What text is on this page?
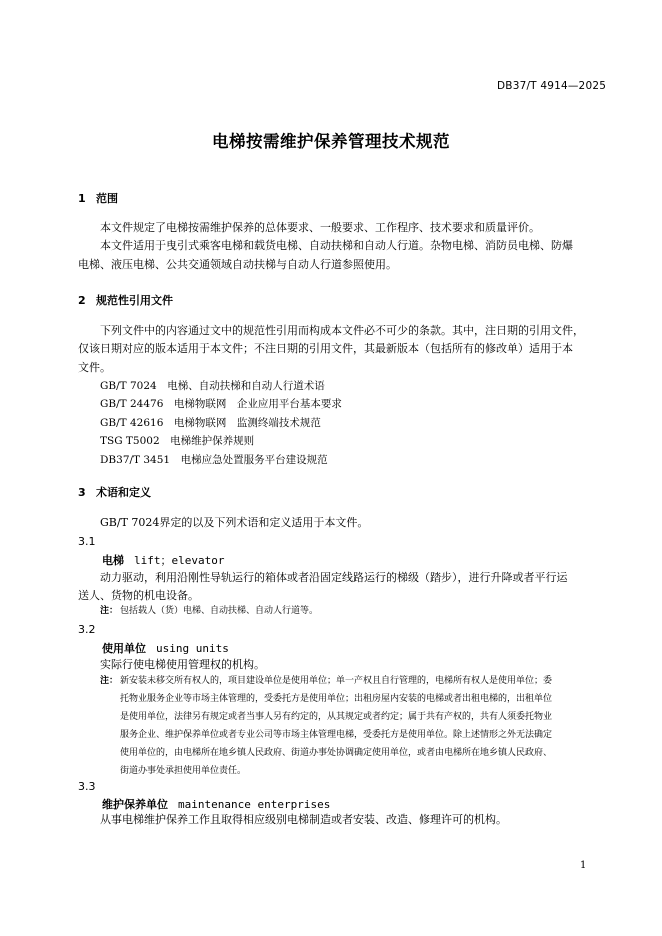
DB37/T 4914—2025
电梯按需维护保养管理技术规范
1 范围
本文件规定了电梯按需维护保养的总体要求、一般要求、工作程序、技术要求和质量评价。
本文件适用于曳引式乘客电梯和载货电梯、自动扶梯和自动人行道。杂物电梯、消防员电梯、防爆
电梯、液压电梯、公共交通领域自动扶梯与自动人行道参照使用。
2 规范性引用文件
下列文件中的内容通过文中的规范性引用而构成本文件必不可少的条款。其中，注日期的引用文件，
仅该日期对应的版本适用于本文件；不注日期的引用文件，其最新版本（包括所有的修改单）适用于本
文件。
GB/T 7024　电梯、自动扶梯和自动人行道术语
GB/T 24476　电梯物联网　企业应用平台基本要求
GB/T 42616　电梯物联网　监测终端技术规范
TSG T5002　电梯维护保养规则
DB37/T 3451　电梯应急处置服务平台建设规范
3 术语和定义
GB/T 7024界定的以及下列术语和定义适用于本文件。
3.1
电梯 lift；elevator
动力驱动，利用沿刚性导轨运行的箱体或者沿固定线路运行的梯级（踏步），进行升降或者平行运
送人、货物的机电设备。
注： 包括载人（货）电梯、自动扶梯、自动人行道等。
3.2
使用单位 using units
实际行使电梯使用管理权的机构。
注： 新安装未移交所有权人的，项目建设单位是使用单位；单一产权且自行管理的，电梯所有权人是使用单位；委
托物业服务企业等市场主体管理的，受委托方是使用单位；出租房屋内安装的电梯或者出租电梯的，出租单位
是使用单位，法律另有规定或者当事人另有约定的，从其规定或者约定；属于共有产权的，共有人须委托物业
服务企业、维护保养单位或者专业公司等市场主体管理电梯，受委托方是使用单位。除上述情形之外无法确定
使用单位的，由电梯所在地乡镇人民政府、街道办事处协调确定使用单位，或者由电梯所在地乡镇人民政府、
街道办事处承担使用单位责任。
3.3
维护保养单位 maintenance enterprises
从事电梯维护保养工作且取得相应级别电梯制造或者安装、改造、修理许可的机构。
1
